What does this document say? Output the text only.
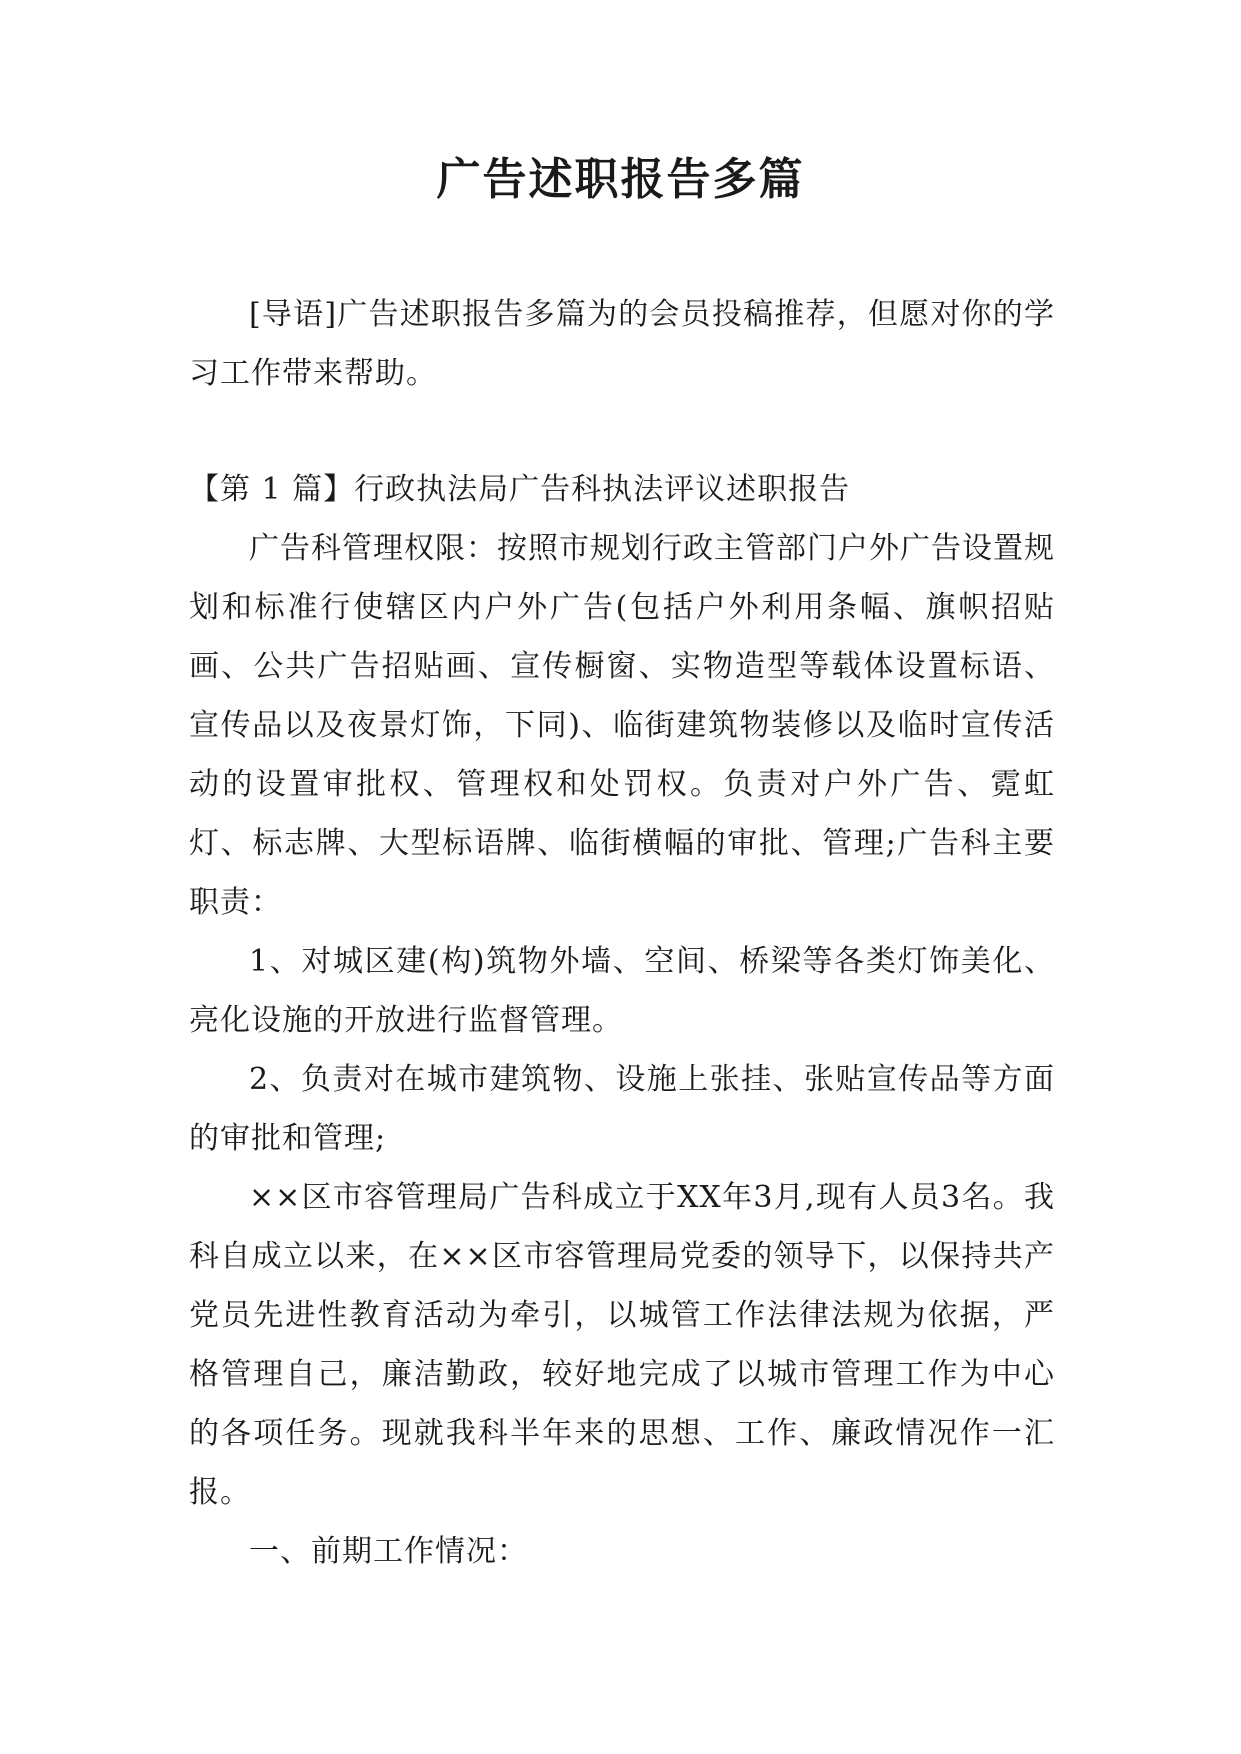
广告述职报告多篇

[导语]广告述职报告多篇为的会员投稿推荐，但愿对你的学习工作带来帮助。

【第 1 篇】行政执法局广告科执法评议述职报告

广告科管理权限：按照市规划行政主管部门户外广告设置规划和标准行使辖区内户外广告(包括户外利用条幅、旗帜招贴画、公共广告招贴画、宣传橱窗、实物造型等载体设置标语、宣传品以及夜景灯饰，下同)、临街建筑物装修以及临时宣传活动的设置审批权、管理权和处罚权。负责对户外广告、霓虹灯、标志牌、大型标语牌、临街横幅的审批、管理;广告科主要职责：

1、对城区建(构)筑物外墙、空间、桥梁等各类灯饰美化、亮化设施的开放进行监督管理。

2、负责对在城市建筑物、设施上张挂、张贴宣传品等方面的审批和管理;

××区市容管理局广告科成立于XX年3月,现有人员3名。我科自成立以来，在××区市容管理局党委的领导下，以保持共产党员先进性教育活动为牵引，以城管工作法律法规为依据，严格管理自己，廉洁勤政，较好地完成了以城市管理工作为中心的各项任务。现就我科半年来的思想、工作、廉政情况作一汇报。

一、前期工作情况：
